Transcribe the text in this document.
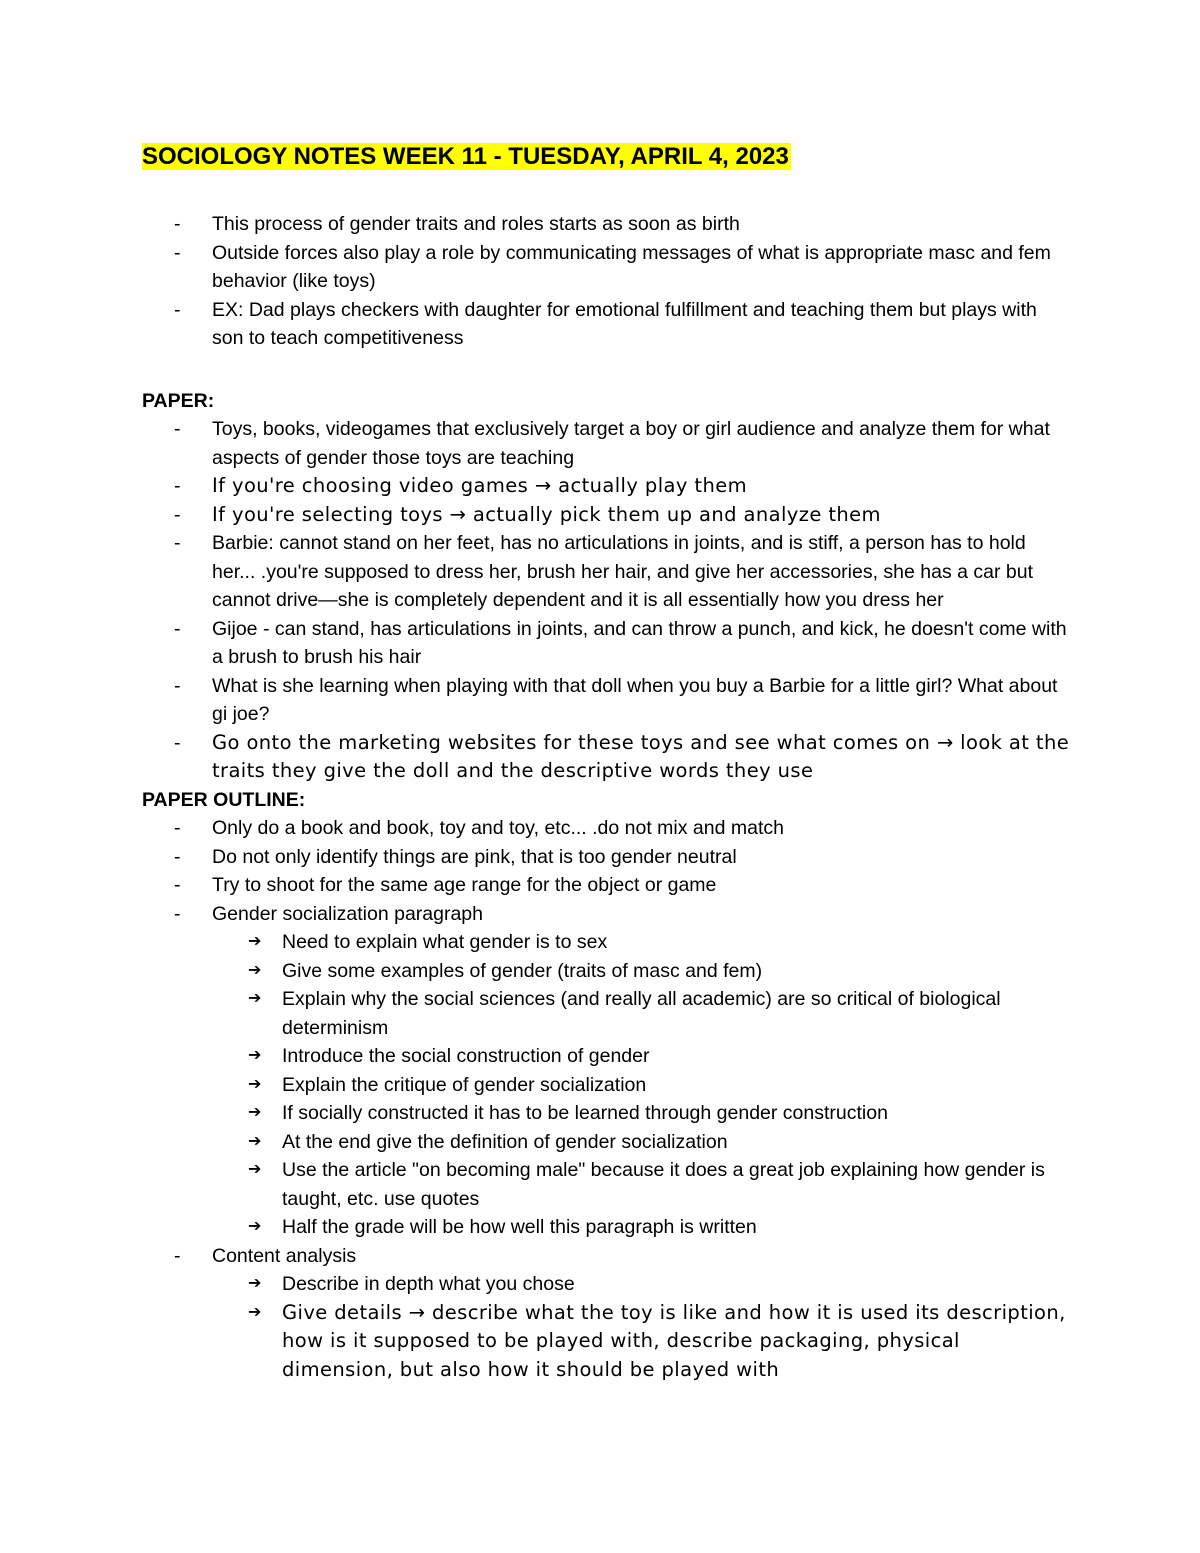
SOCIOLOGY NOTES WEEK 11 - TUESDAY, APRIL 4, 2023
- This process of gender traits and roles starts as soon as birth
- Outside forces also play a role by communicating messages of what is appropriate masc and fem behavior (like toys)
- EX: Dad plays checkers with daughter for emotional fulfillment and teaching them but plays with son to teach competitiveness

PAPER:

- Toys, books, videogames that exclusively target a boy or girl audience and analyze them for what aspects of gender those toys are teaching
- If you're choosing video games → actually play them
- If you're selecting toys → actually pick them up and analyze them
- Barbie: cannot stand on her feet, has no articulations in joints, and is stiff, a person has to hold her... .you're supposed to dress her, brush her hair, and give her accessories, she has a car but cannot drive—she is completely dependent and it is all essentially how you dress her
- Gijoe - can stand, has articulations in joints, and can throw a punch, and kick, he doesn't come with a brush to brush his hair
- What is she learning when playing with that doll when you buy a Barbie for a little girl? What about gi joe?
- Go onto the marketing websites for these toys and see what comes on → look at the traits they give the doll and the descriptive words they use

PAPER OUTLINE:

- Only do a book and book, toy and toy, etc... .do not mix and match
- Do not only identify things are pink, that is too gender neutral
- Try to shoot for the same age range for the object or game
- Gender socialization paragraph
➔ Need to explain what gender is to sex
➔ Give some examples of gender (traits of masc and fem)
➔ Explain why the social sciences (and really all academic) are so critical of biological determinism
➔ Introduce the social construction of gender
➔ Explain the critique of gender socialization
➔ If socially constructed it has to be learned through gender construction
➔ At the end give the definition of gender socialization
➔ Use the article "on becoming male" because it does a great job explaining how gender is taught, etc. use quotes
➔ Half the grade will be how well this paragraph is written
- Content analysis
➔ Describe in depth what you chose
➔ Give details → describe what the toy is like and how it is used its description, how is it supposed to be played with, describe packaging, physical dimension, but also how it should be played with
